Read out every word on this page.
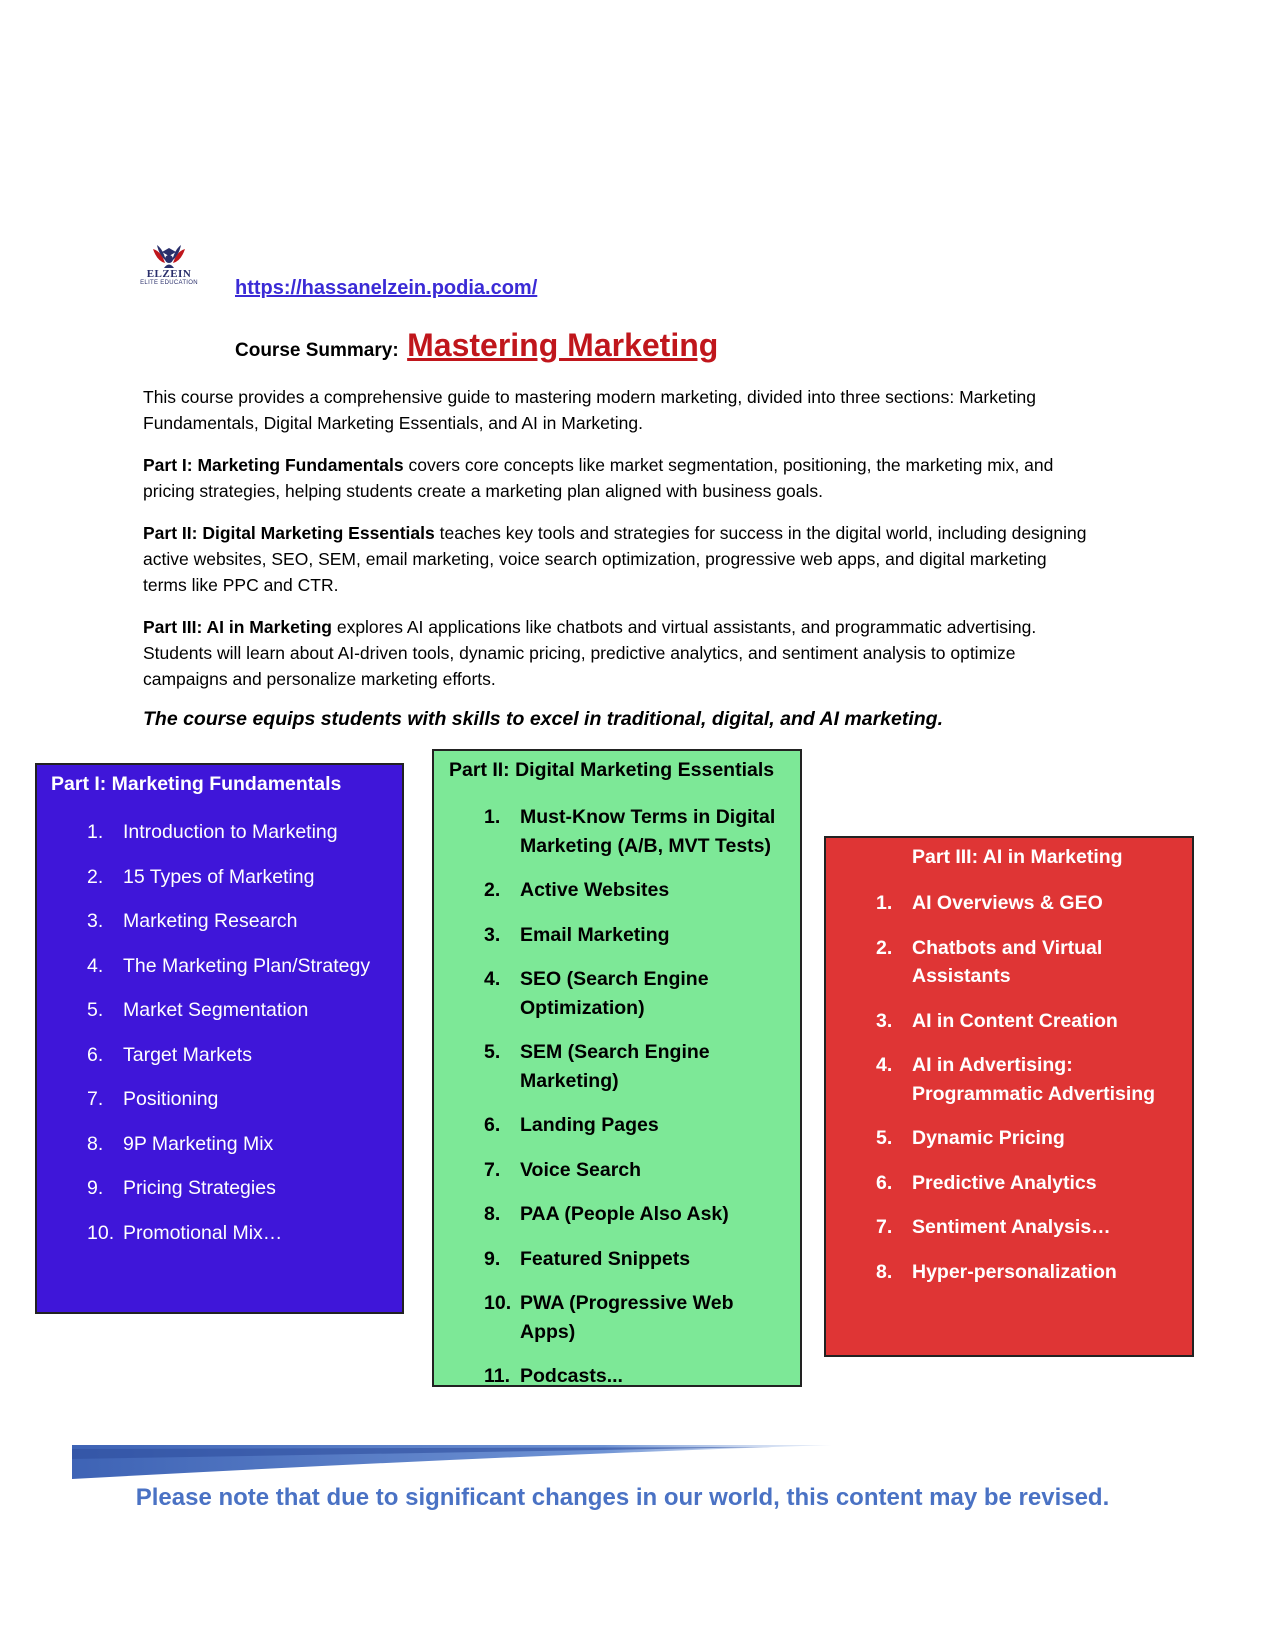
ELZEIN
ELITE EDUCATION	https://hassanelzein.podia.com/
Course Summary: Mastering Marketing

This course provides a comprehensive guide to mastering modern marketing, divided into three sections: Marketing Fundamentals, Digital Marketing Essentials, and AI in Marketing.

Part I: Marketing Fundamentals covers core concepts like market segmentation, positioning, the marketing mix, and pricing strategies, helping students create a marketing plan aligned with business goals.

Part II: Digital Marketing Essentials teaches key tools and strategies for success in the digital world, including designing active websites, SEO, SEM, email marketing, voice search optimization, progressive web apps, and digital marketing terms like PPC and CTR.

Part III: AI in Marketing explores AI applications like chatbots and virtual assistants, and programmatic advertising. Students will learn about AI-driven tools, dynamic pricing, predictive analytics, and sentiment analysis to optimize campaigns and personalize marketing efforts.

The course equips students with skills to excel in traditional, digital, and AI marketing.

Part I: Marketing Fundamentals
1. Introduction to Marketing
2. 15 Types of Marketing
3. Marketing Research
4. The Marketing Plan/Strategy
5. Market Segmentation
6. Target Markets
7. Positioning
8. 9P Marketing Mix
9. Pricing Strategies
10. Promotional Mix…
Part II: Digital Marketing Essentials
1. Must-Know Terms in Digital Marketing (A/B, MVT Tests)
2. Active Websites
3. Email Marketing
4. SEO (Search Engine Optimization)
5. SEM (Search Engine Marketing)
6. Landing Pages
7. Voice Search
8. PAA (People Also Ask)
9. Featured Snippets
10. PWA (Progressive Web Apps)
11. Podcasts...
Part III: AI in Marketing
1. AI Overviews & GEO
2. Chatbots and Virtual Assistants
3. AI in Content Creation
4. AI in Advertising: Programmatic Advertising
5. Dynamic Pricing
6. Predictive Analytics
7. Sentiment Analysis…
8. Hyper-personalization

Please note that due to significant changes in our world, this content may be revised.
